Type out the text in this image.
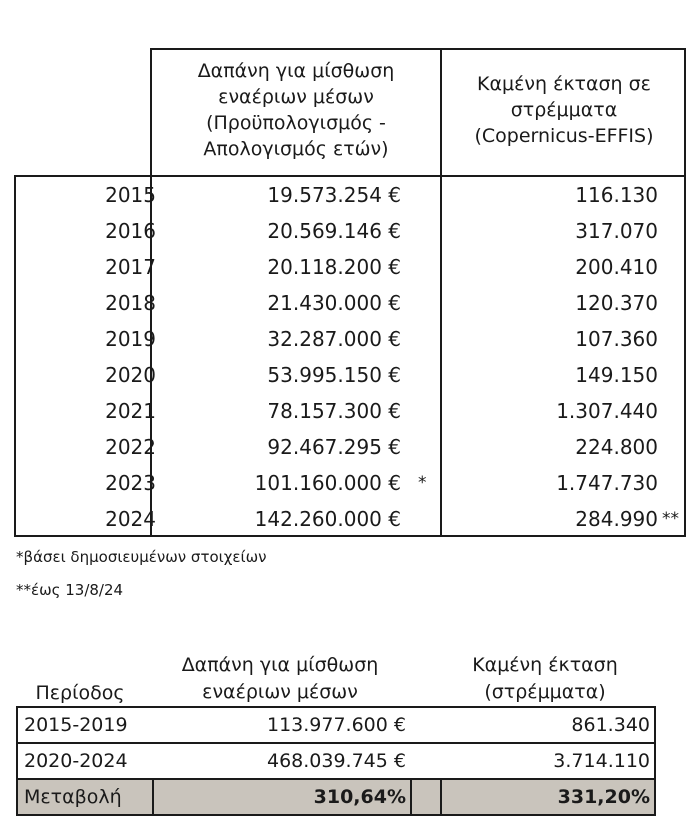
Δαπάνη για μίσθωση
εναέριων μέσων
(Προϋπολογισμός -
Απολογισμός ετών)
Καμένη έκταση σε
στρέμματα
(Copernicus-EFFIS)
2015	19.573.254 €	116.130
2016	20.569.146 €	317.070
2017	20.118.200 €	200.410
2018	21.430.000 €	120.370
2019	32.287.000 €	107.360
2020	53.995.150 €	149.150
2021	78.157.300 €	1.307.440
2022	92.467.295 €	224.800
2023	101.160.000 € *	1.747.730
2024	142.260.000 €	284.990 **
*βάσει δημοσιευμένων στοιχείων
**έως 13/8/24
Περίοδος
Δαπάνη για μίσθωση
εναέριων μέσων
Καμένη έκταση
(στρέμματα)
2015-2019	113.977.600 €	861.340
2020-2024	468.039.745 €	3.714.110
Μεταβολή	310,64%	331,20%
